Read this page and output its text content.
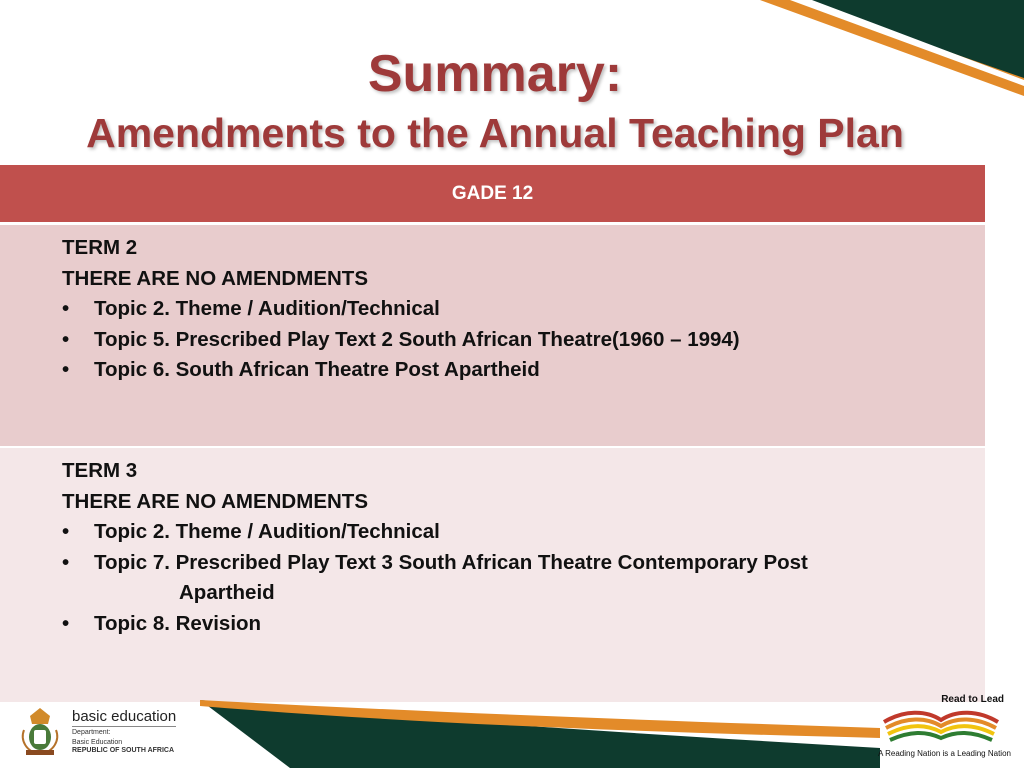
Summary:
Amendments to the Annual Teaching Plan
GADE 12
TERM 2
THERE ARE NO AMENDMENTS
• Topic 2. Theme / Audition/Technical
• Topic 5. Prescribed Play Text 2 South African Theatre(1960 – 1994)
• Topic 6. South African Theatre Post Apartheid
TERM 3
THERE ARE NO AMENDMENTS
• Topic 2. Theme / Audition/Technical
• Topic 7. Prescribed Play Text 3 South African Theatre Contemporary Post
Apartheid
• Topic 8. Revision
basic education
Department:
Basic Education
REPUBLIC OF SOUTH AFRICA
Read to Lead
A Reading Nation is a Leading Nation
